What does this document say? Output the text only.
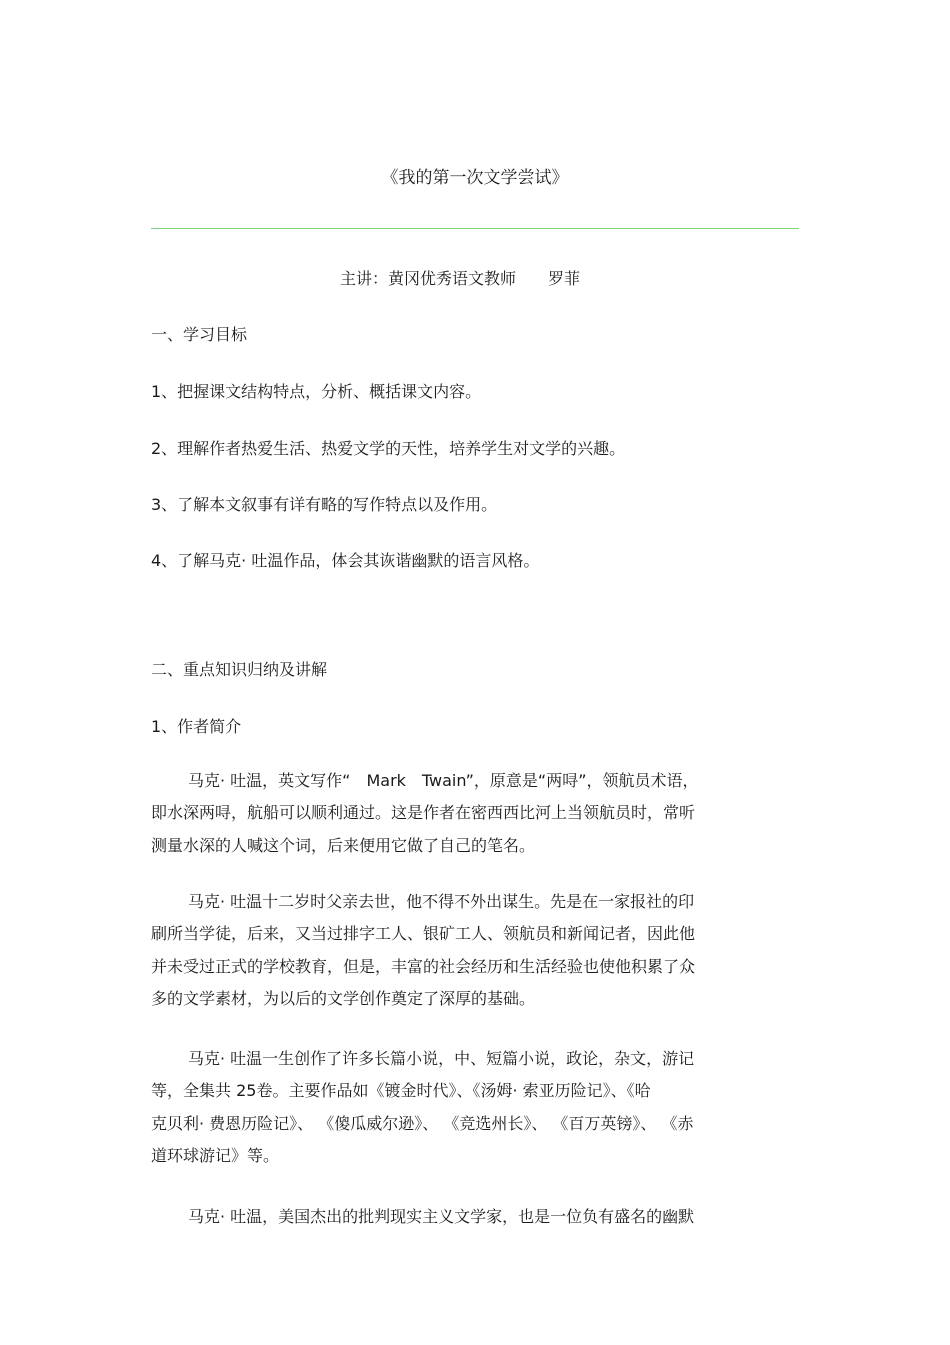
《我的第一次文学尝试》
主讲：黄冈优秀语文教师　　罗菲
一、学习目标
1、把握课文结构特点，分析、概括课文内容。
2、理解作者热爱生活、热爱文学的天性，培养学生对文学的兴趣。
3、了解本文叙事有详有略的写作特点以及作用。
4、了解马克· 吐温作品，体会其诙谐幽默的语言风格。
二、重点知识归纳及讲解
1、作者简介
马克· 吐温，英文写作“　Mark　Twain”，原意是“两㖊”，领航员术语，
即水深两㖊，航船可以顺利通过。这是作者在密西西比河上当领航员时，常听
测量水深的人喊这个词，后来便用它做了自己的笔名。
马克· 吐温十二岁时父亲去世，他不得不外出谋生。先是在一家报社的印
刷所当学徒，后来，又当过排字工人、银矿工人、领航员和新闻记者，因此他
并未受过正式的学校教育，但是，丰富的社会经历和生活经验也使他积累了众
多的文学素材，为以后的文学创作奠定了深厚的基础。
马克· 吐温一生创作了许多长篇小说，中、短篇小说，政论，杂文，游记
等，全集共 25卷。主要作品如《镀金时代》、《汤姆· 索亚历险记》、《哈
克贝利· 费恩历险记》、 《傻瓜威尔逊》、 《竞选州长》、 《百万英镑》、 《赤
道环球游记》等。
马克· 吐温，美国杰出的批判现实主义文学家，也是一位负有盛名的幽默
